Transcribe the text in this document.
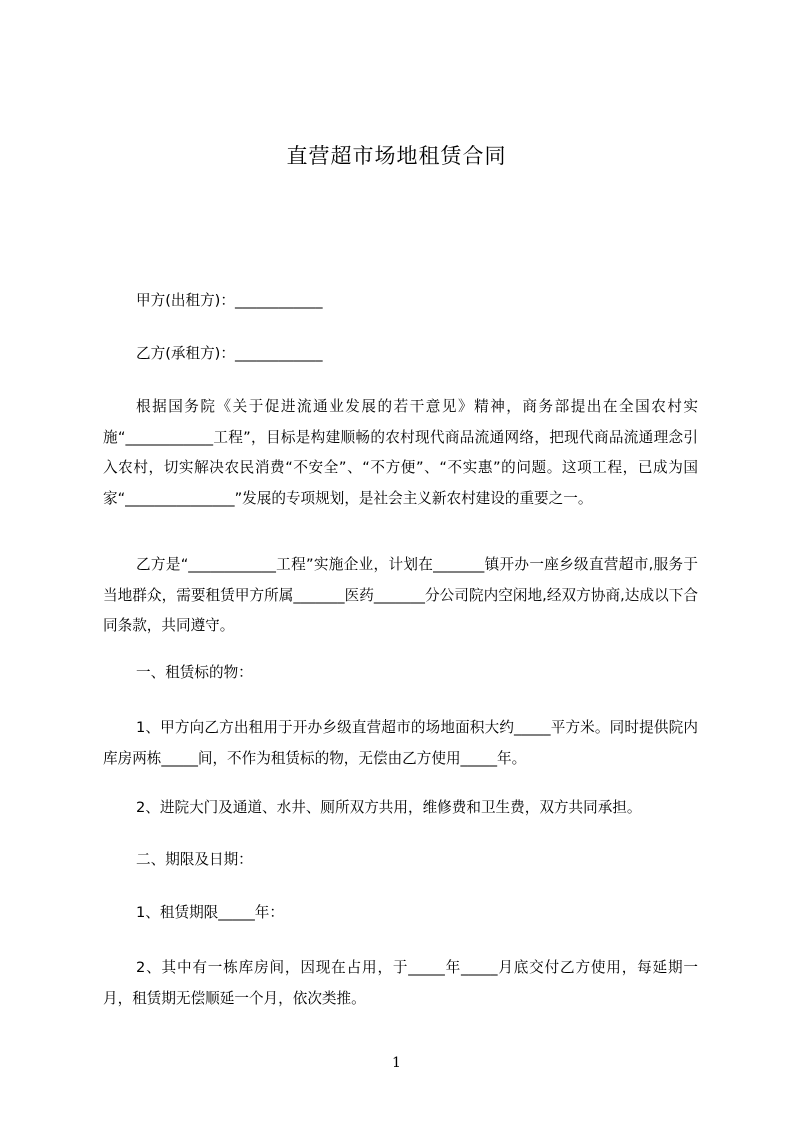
直营超市场地租赁合同
甲方(出租方)：____________
乙方(承租方)：____________
根据国务院《关于促进流通业发展的若干意见》精神，商务部提出在全国农村实施“____________工程”，目标是构建顺畅的农村现代商品流通网络，把现代商品流通理念引入农村，切实解决农民消费“不安全”、“不方便”、“不实惠”的问题。这项工程，已成为国家“_______________”发展的专项规划，是社会主义新农村建设的重要之一。
乙方是“____________工程”实施企业，计划在_______镇开办一座乡级直营超市,服务于当地群众，需要租赁甲方所属_______医药_______分公司院内空闲地,经双方协商,达成以下合同条款，共同遵守。
一、租赁标的物：
1、甲方向乙方出租用于开办乡级直营超市的场地面积大约_____平方米。同时提供院内库房两栋_____间，不作为租赁标的物，无偿由乙方使用_____年。
2、进院大门及通道、水井、厕所双方共用，维修费和卫生费，双方共同承担。
二、期限及日期：
1、租赁期限_____年：
2、其中有一栋库房间，因现在占用，于_____年_____月底交付乙方使用，每延期一月，租赁期无偿顺延一个月，依次类推。
1
